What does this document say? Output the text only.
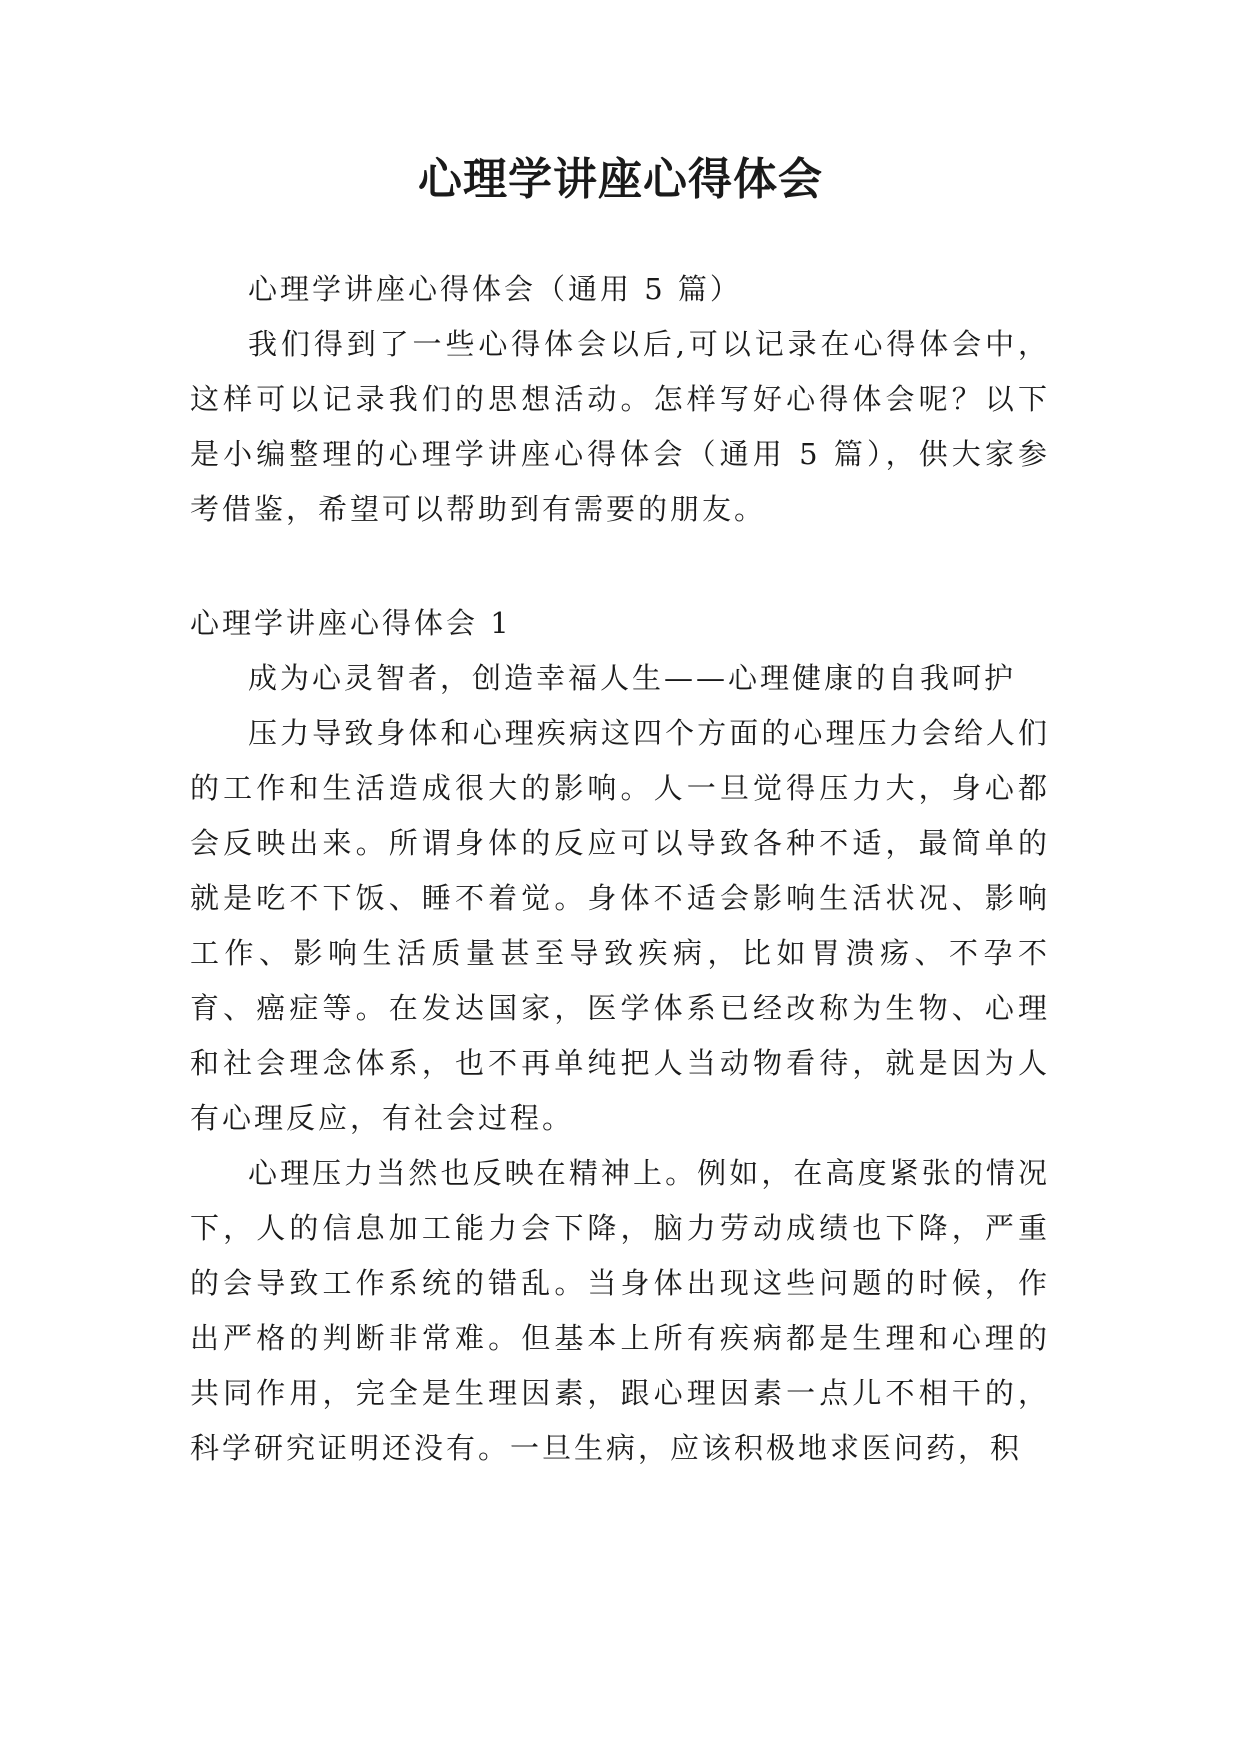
心理学讲座心得体会

心理学讲座心得体会（通用 5 篇）

我们得到了一些心得体会以后,可以记录在心得体会中，这样可以记录我们的思想活动。怎样写好心得体会呢？以下是小编整理的心理学讲座心得体会（通用 5 篇），供大家参考借鉴，希望可以帮助到有需要的朋友。

心理学讲座心得体会 1

成为心灵智者，创造幸福人生——心理健康的自我呵护

压力导致身体和心理疾病这四个方面的心理压力会给人们的工作和生活造成很大的影响。人一旦觉得压力大，身心都会反映出来。所谓身体的反应可以导致各种不适，最简单的就是吃不下饭、睡不着觉。身体不适会影响生活状况、影响工作、影响生活质量甚至导致疾病，比如胃溃疡、不孕不育、癌症等。在发达国家，医学体系已经改称为生物、心理和社会理念体系，也不再单纯把人当动物看待，就是因为人有心理反应，有社会过程。

心理压力当然也反映在精神上。例如，在高度紧张的情况下，人的信息加工能力会下降，脑力劳动成绩也下降，严重的会导致工作系统的错乱。当身体出现这些问题的时候，作出严格的判断非常难。但基本上所有疾病都是生理和心理的共同作用，完全是生理因素，跟心理因素一点儿不相干的，科学研究证明还没有。一旦生病，应该积极地求医问药，积
